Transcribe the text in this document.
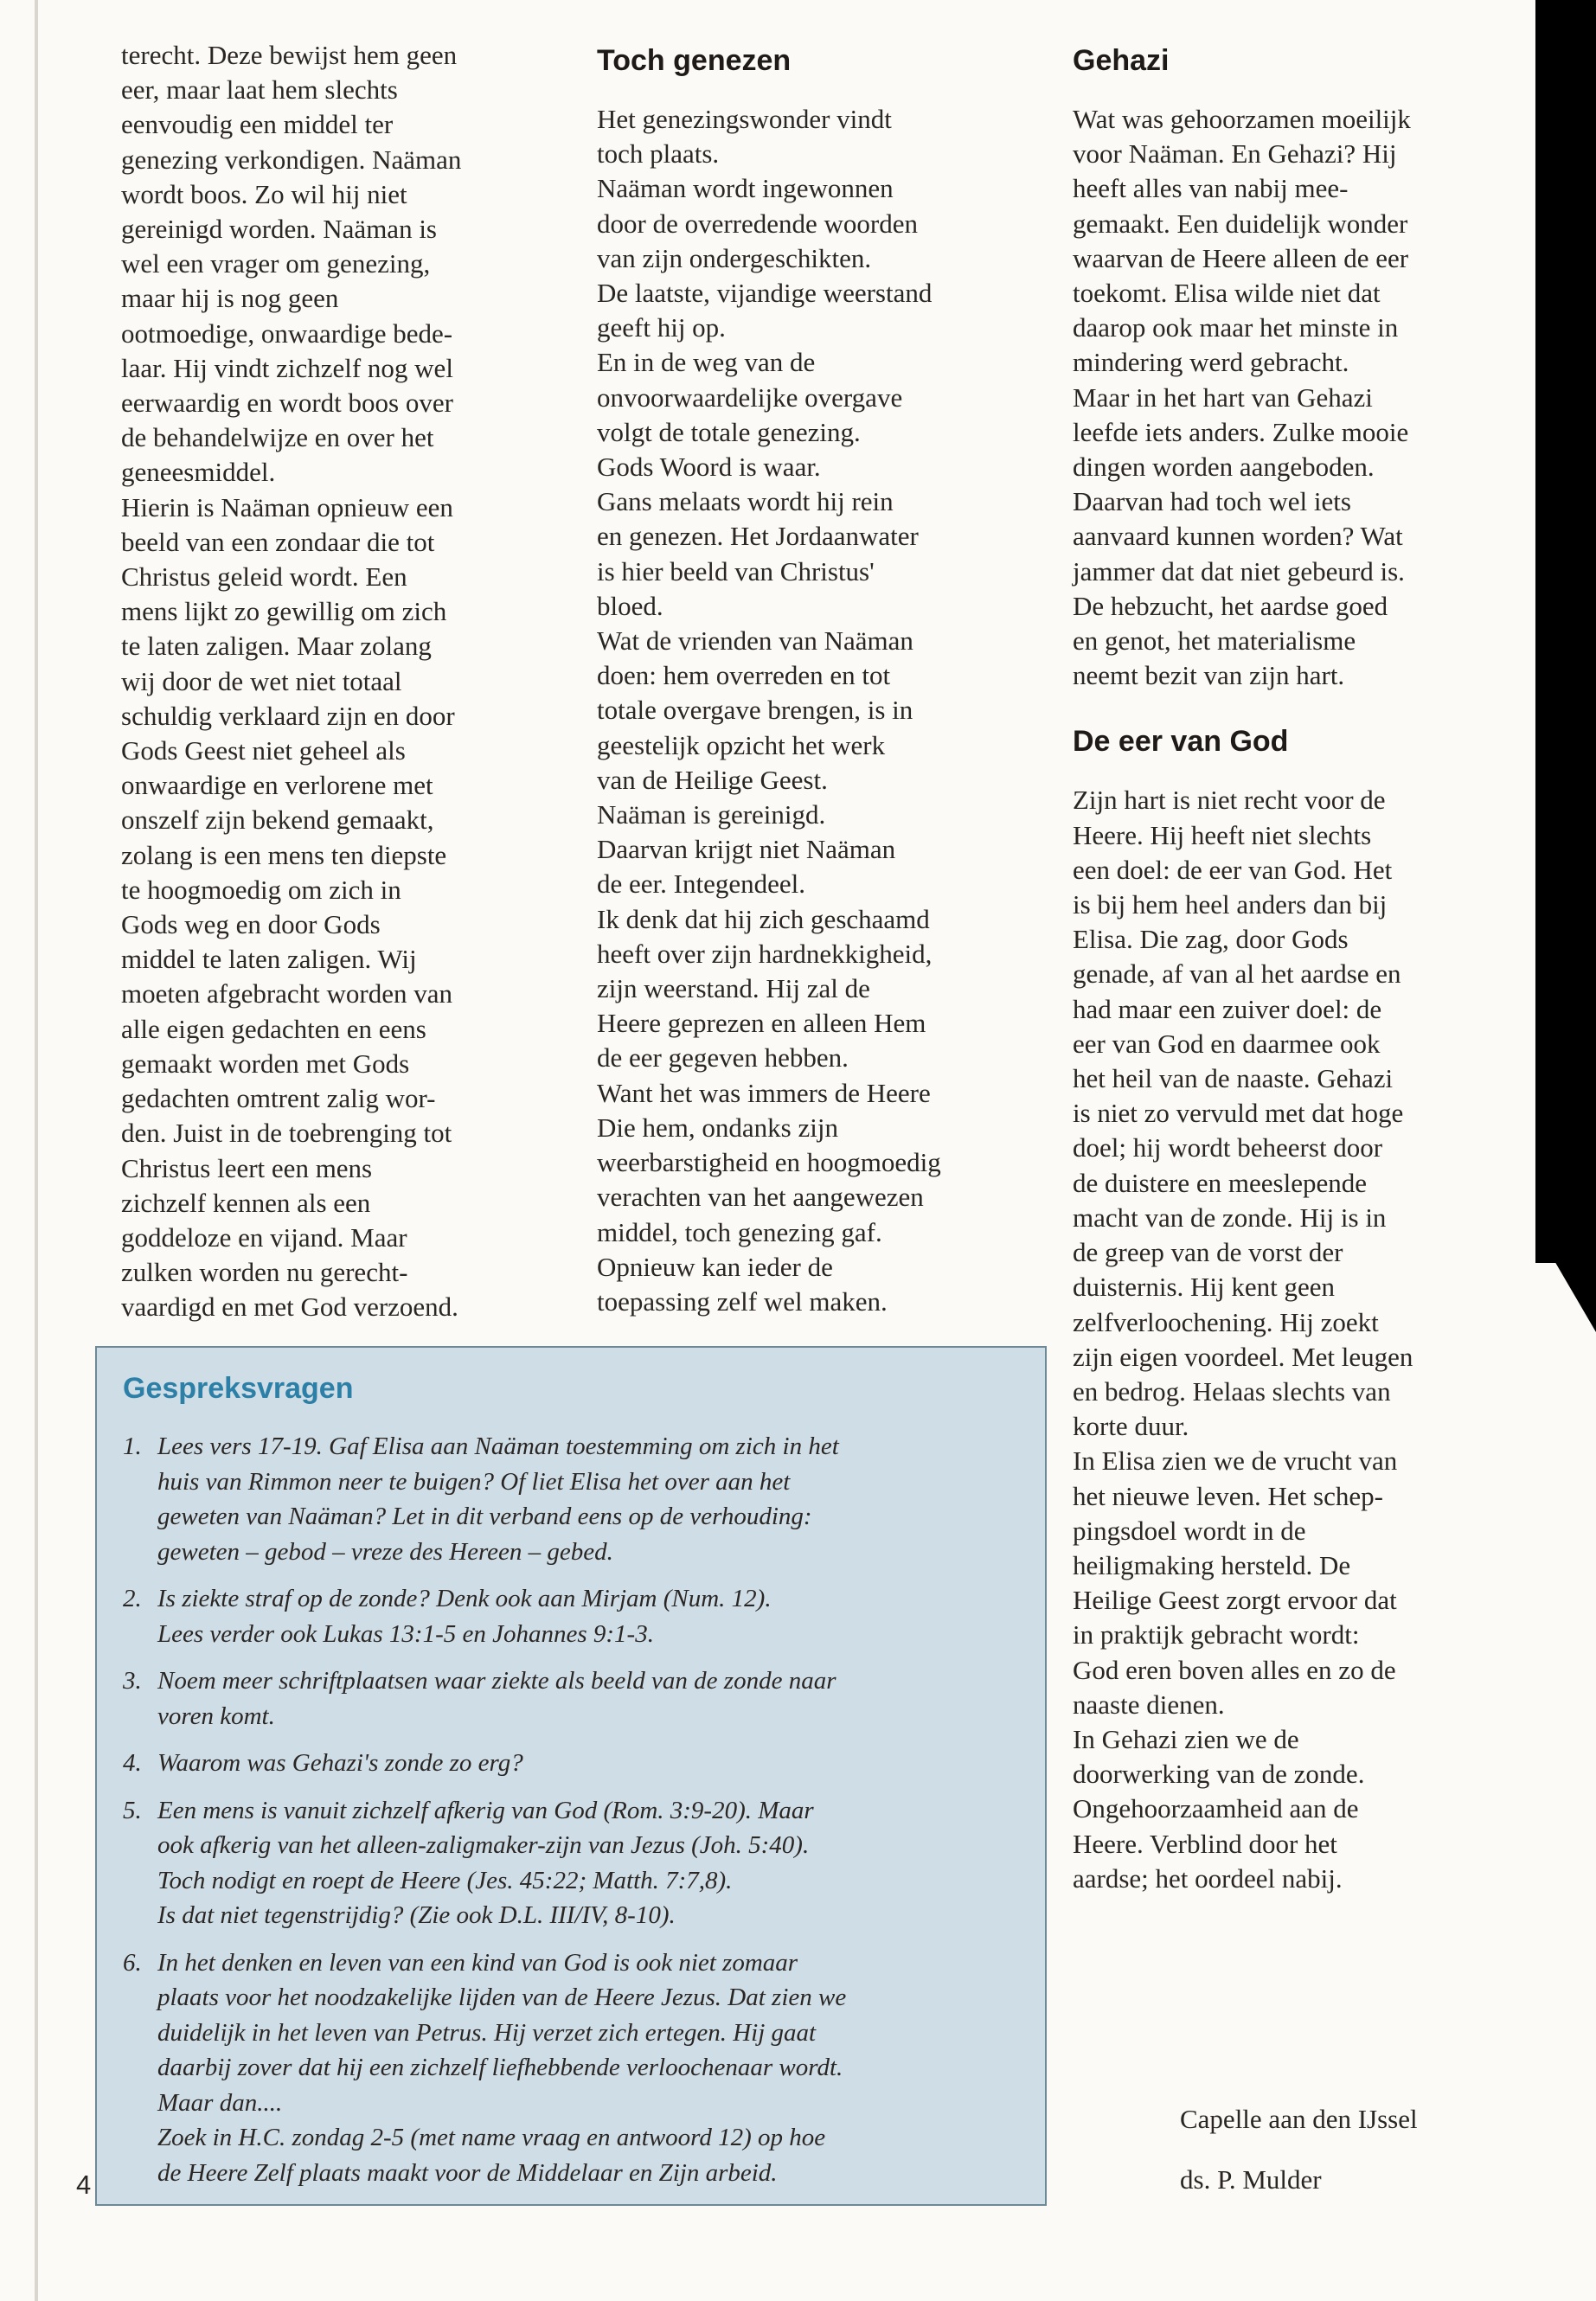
terecht. Deze bewijst hem geen
eer, maar laat hem slechts
eenvoudig een middel ter
genezing verkondigen. Naäman
wordt boos. Zo wil hij niet
gereinigd worden. Naäman is
wel een vrager om genezing,
maar hij is nog geen
ootmoedige, onwaardige bede-
laar. Hij vindt zichzelf nog wel
eerwaardig en wordt boos over
de behandelwijze en over het
geneesmiddel.

Hierin is Naäman opnieuw een
beeld van een zondaar die tot
Christus geleid wordt. Een
mens lijkt zo gewillig om zich
te laten zaligen. Maar zolang
wij door de wet niet totaal
schuldig verklaard zijn en door
Gods Geest niet geheel als
onwaardige en verlorene met
onszelf zijn bekend gemaakt,
zolang is een mens ten diepste
te hoogmoedig om zich in
Gods weg en door Gods
middel te laten zaligen. Wij
moeten afgebracht worden van
alle eigen gedachten en eens
gemaakt worden met Gods
gedachten omtrent zalig wor-
den. Juist in de toebrenging tot
Christus leert een mens
zichzelf kennen als een
goddeloze en vijand. Maar
zulken worden nu gerecht-
vaardigd en met God verzoend.

Toch genezen

Het genezingswonder vindt
toch plaats.
Naäman wordt ingewonnen
door de overredende woorden
van zijn ondergeschikten.
De laatste, vijandige weerstand
geeft hij op.
En in de weg van de
onvoorwaardelijke overgave
volgt de totale genezing.
Gods Woord is waar.
Gans melaats wordt hij rein
en genezen. Het Jordaanwater
is hier beeld van Christus'
bloed.
Wat de vrienden van Naäman
doen: hem overreden en tot
totale overgave brengen, is in
geestelijk opzicht het werk
van de Heilige Geest.
Naäman is gereinigd.
Daarvan krijgt niet Naäman
de eer. Integendeel.
Ik denk dat hij zich geschaamd
heeft over zijn hardnekkigheid,
zijn weerstand. Hij zal de
Heere geprezen en alleen Hem
de eer gegeven hebben.
Want het was immers de Heere
Die hem, ondanks zijn
weerbarstigheid en hoogmoedig
verachten van het aangewezen
middel, toch genezing gaf.
Opnieuw kan ieder de
toepassing zelf wel maken.

Gehazi

Wat was gehoorzamen moeilijk
voor Naäman. En Gehazi? Hij
heeft alles van nabij mee-
gemaakt. Een duidelijk wonder
waarvan de Heere alleen de eer
toekomt. Elisa wilde niet dat
daarop ook maar het minste in
mindering werd gebracht.
Maar in het hart van Gehazi
leefde iets anders. Zulke mooie
dingen worden aangeboden.
Daarvan had toch wel iets
aanvaard kunnen worden? Wat
jammer dat dat niet gebeurd is.
De hebzucht, het aardse goed
en genot, het materialisme
neemt bezit van zijn hart.

De eer van God

Zijn hart is niet recht voor de
Heere. Hij heeft niet slechts
een doel: de eer van God. Het
is bij hem heel anders dan bij
Elisa. Die zag, door Gods
genade, af van al het aardse en
had maar een zuiver doel: de
eer van God en daarmee ook
het heil van de naaste. Gehazi
is niet zo vervuld met dat hoge
doel; hij wordt beheerst door
de duistere en meeslepende
macht van de zonde. Hij is in
de greep van de vorst der
duisternis. Hij kent geen
zelfverloochening. Hij zoekt
zijn eigen voordeel. Met leugen
en bedrog. Helaas slechts van
korte duur.
In Elisa zien we de vrucht van
het nieuwe leven. Het schep-
pingsdoel wordt in de
heiligmaking hersteld. De
Heilige Geest zorgt ervoor dat
in praktijk gebracht wordt:
God eren boven alles en zo de
naaste dienen.
In Gehazi zien we de
doorwerking van de zonde.
Ongehoorzaamheid aan de
Heere. Verblind door het
aardse; het oordeel nabij.

Gespreksvragen
1. Lees vers 17-19. Gaf Elisa aan Naäman toestemming om zich in het
huis van Rimmon neer te buigen? Of liet Elisa het over aan het
geweten van Naäman? Let in dit verband eens op de verhouding:
geweten – gebod – vreze des Hereen – gebed.
2. Is ziekte straf op de zonde? Denk ook aan Mirjam (Num. 12).
Lees verder ook Lukas 13:1-5 en Johannes 9:1-3.
3. Noem meer schriftplaatsen waar ziekte als beeld van de zonde naar
voren komt.
4. Waarom was Gehazi's zonde zo erg?
5. Een mens is vanuit zichzelf afkerig van God (Rom. 3:9-20). Maar
ook afkerig van het alleen-zaligmaker-zijn van Jezus (Joh. 5:40).
Toch nodigt en roept de Heere (Jes. 45:22; Matth. 7:7,8).
Is dat niet tegenstrijdig? (Zie ook D.L. III/IV, 8-10).
6. In het denken en leven van een kind van God is ook niet zomaar
plaats voor het noodzakelijke lijden van de Heere Jezus. Dat zien we
duidelijk in het leven van Petrus. Hij verzet zich ertegen. Hij gaat
daarbij zover dat hij een zichzelf liefhebbende verloochenaar wordt.
Maar dan....
Zoek in H.C. zondag 2-5 (met name vraag en antwoord 12) op hoe
de Heere Zelf plaats maakt voor de Middelaar en Zijn arbeid.
4
Capelle aan den IJssel
ds. P. Mulder
